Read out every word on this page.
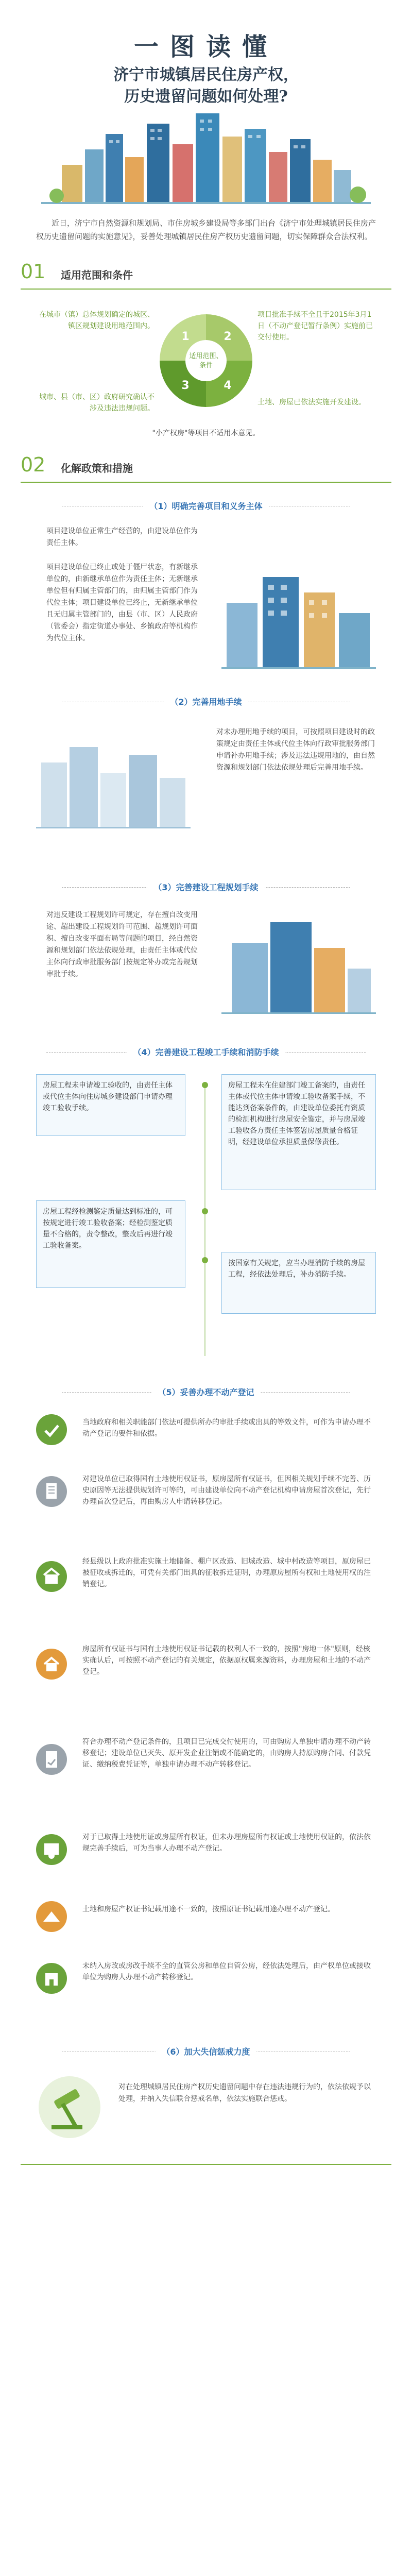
一图读懂
济宁市城镇居民住房产权，
历史遗留问题如何处理?
近日，济宁市自然资源和规划局、市住房城乡建设局等多部门出台《济宁市处理城镇居民住房产权历史遗留问题的实施意见》，妥善处理城镇居民住房产权历史遗留问题，切实保障群众合法权利。
01 适用范围和条件
在城市（镇）总体规划确定的城区、镇区规划建设用地范围内。
项目批准手续不全且于2015年3月1日（不动产登记暂行条例）实施前已交付使用。
1	2
3	4
适用范围、条件
城市、县（市、区）政府研究确认不涉及违法违规问题。
土地、房屋已依法实施开发建设。
"小产权房"等项目不适用本意见。
02 化解政策和措施
（1）明确完善项目和义务主体
项目建设单位正常生产经营的，由建设单位作为责任主体。
项目建设单位已终止或处于僵尸状态，有新继承单位的，由新继承单位作为责任主体；无新继承单位但有归属主管部门的，由归属主管部门作为代位主体；项目建设单位已终止，无新继承单位且无归属主管部门的，由县（市、区）人民政府（管委会）指定街道办事处、乡镇政府等机构作为代位主体。
（2）完善用地手续
对未办理用地手续的项目，可按照项目建设时的政策规定由责任主体或代位主体向行政审批服务部门申请补办用地手续；涉及违法违规用地的，由自然资源和规划部门依法依规处理后完善用地手续。
（3）完善建设工程规划手续
对违反建设工程规划许可规定，存在擅自改变用途、超出建设工程规划许可范围、超规划许可面积、擅自改变平面布局等问题的项目，经自然资源和规划部门依法依规处理，由责任主体或代位主体向行政审批服务部门按规定补办或完善规划审批手续。
（4）完善建设工程竣工手续和消防手续
房屋工程未申请竣工验收的，由责任主体或代位主体向住房城乡建设部门申请办理竣工验收手续。
房屋工程未在住建部门竣工备案的，由责任主体或代位主体申请竣工验收备案手续，不能达到备案条件的，由建设单位委托有资质的检测机构进行房屋安全鉴定，并与房屋竣工验收各方责任主体签署房屋质量合格证明，经建设单位承担质量保修责任。
房屋工程经检测鉴定质量达到标准的，可按规定进行竣工验收备案；经检测鉴定质量不合格的，责令整改，整改后再进行竣工验收备案。
按国家有关规定，应当办理消防手续的房屋工程，经依法处理后，补办消防手续。
（5）妥善办理不动产登记
当地政府和相关职能部门依法可提供所办的审批手续或出具的等效文件，可作为申请办理不动产登记的要件和依据。
对建设单位已取得国有土地使用权证书，原房屋所有权证书，但因相关规划手续不完善、历史原因等无法提供规划许可等的，可由建设单位向不动产登记机构申请房屋首次登记，先行办理首次登记后，再由购房人申请转移登记。
经县级以上政府批准实施土地储备、棚户区改造、旧城改造、城中村改造等项目，原房屋已被征收或拆迁的，可凭有关部门出具的征收拆迁证明，办理原房屋所有权和土地使用权的注销登记。
房屋所有权证书与国有土地使用权证书记载的权利人不一致的，按照"房地一体"原则，经核实确认后，可按照不动产登记的有关规定，依据原权属来源资料，办理房屋和土地的不动产登记。
符合办理不动产登记条件的，且项目已完成交付使用的，可由购房人单独申请办理不动产转移登记；建设单位已灭失、原开发企业注销或不能确定的，由购房人持原购房合同、付款凭证、缴纳税费凭证等，单独申请办理不动产转移登记。
对于已取得土地使用证或房屋所有权证，但未办理房屋所有权证或土地使用权证的，依法依规完善手续后，可为当事人办理不动产登记。
土地和房屋产权证书记载用途不一致的，按照原证书记载用途办理不动产登记。
未纳入房改或房改手续不全的直管公房和单位自管公房，经依法处理后，由产权单位或接收单位为购房人办理不动产转移登记。
（6）加大失信惩戒力度
对在处理城镇居民住房产权历史遗留问题中存在违法违规行为的，依法依规予以处理，并纳入失信联合惩戒名单，依法实施联合惩戒。
